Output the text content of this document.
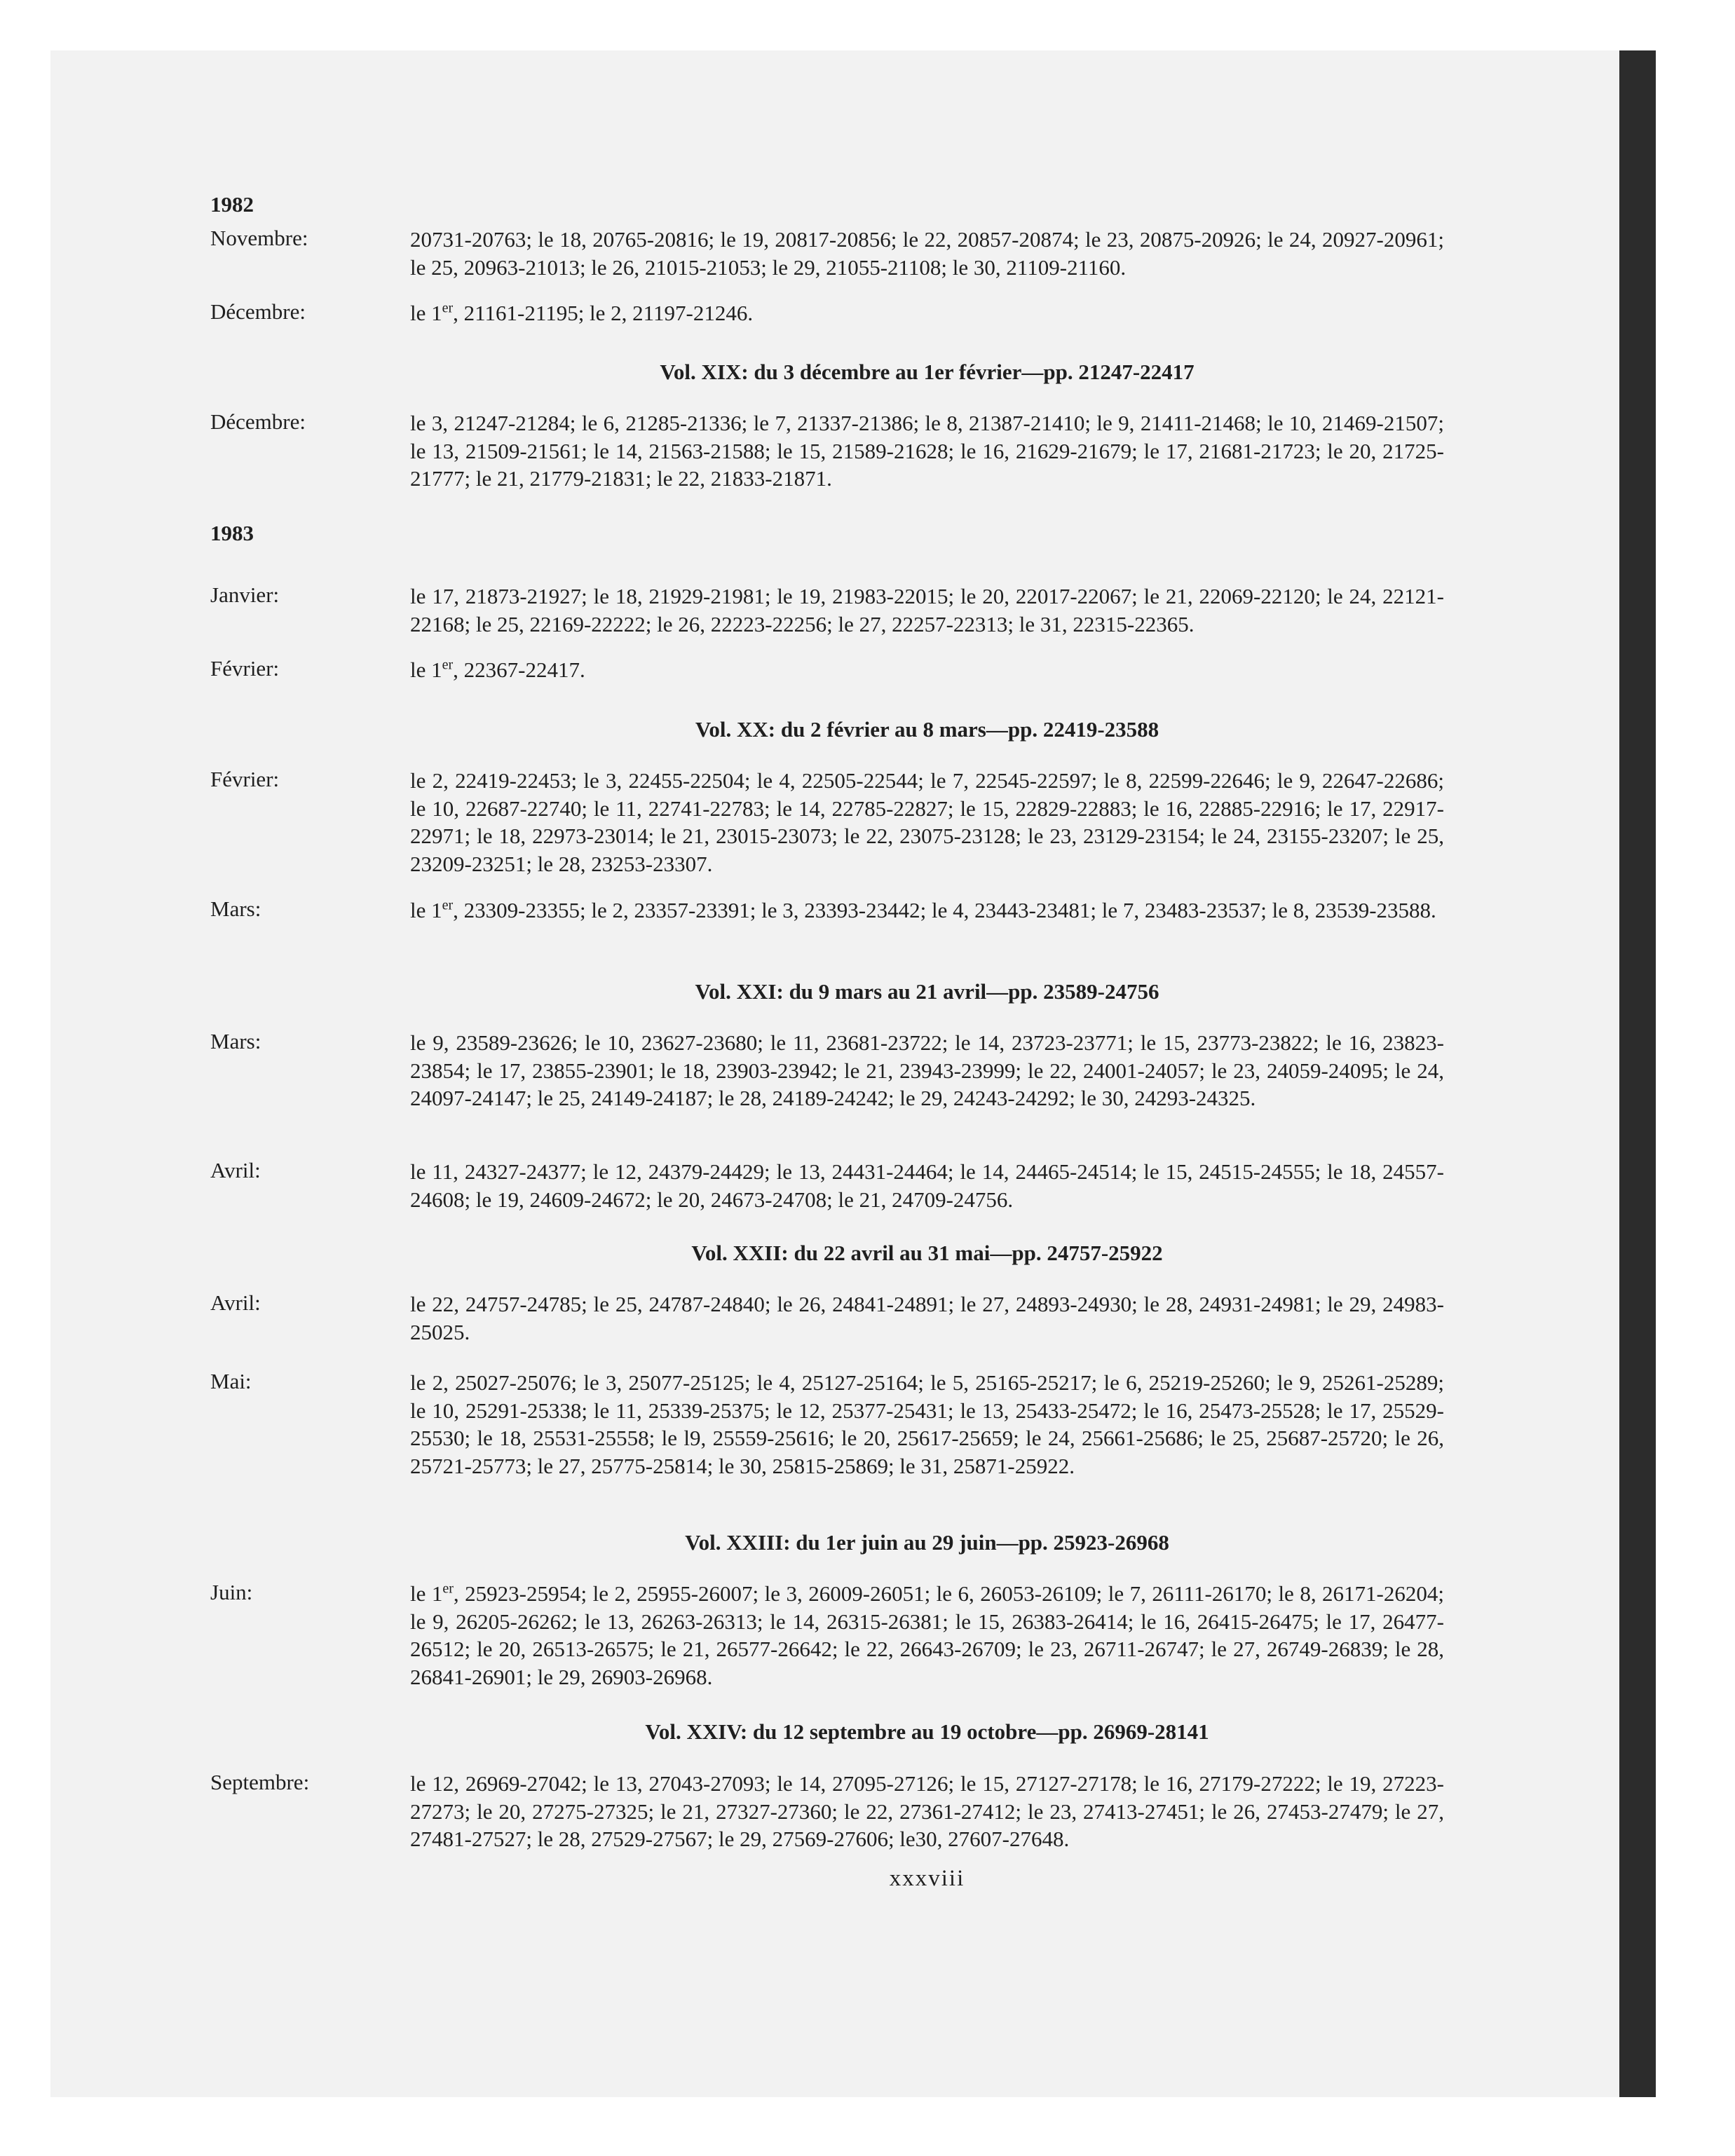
1982
Novembre:	20731-20763; le 18, 20765-20816; le 19, 20817-20856; le 22, 20857-20874; le 23, 20875-20926; le 24, 20927-20961; le 25, 20963-21013; le 26, 21015-21053; le 29, 21055-21108; le 30, 21109-21160.
Décembre:	le 1er, 21161-21195; le 2, 21197-21246.
Vol. XIX: du 3 décembre au 1er février—pp. 21247-22417
Décembre:	le 3, 21247-21284; le 6, 21285-21336; le 7, 21337-21386; le 8, 21387-21410; le 9, 21411-21468; le 10, 21469-21507; le 13, 21509-21561; le 14, 21563-21588; le 15, 21589-21628; le 16, 21629-21679; le 17, 21681-21723; le 20, 21725-21777; le 21, 21779-21831; le 22, 21833-21871.
1983
Janvier:	le 17, 21873-21927; le 18, 21929-21981; le 19, 21983-22015; le 20, 22017-22067; le 21, 22069-22120; le 24, 22121-22168; le 25, 22169-22222; le 26, 22223-22256; le 27, 22257-22313; le 31, 22315-22365.
Février:	le 1er, 22367-22417.
Vol. XX: du 2 février au 8 mars—pp. 22419-23588
Février:	le 2, 22419-22453; le 3, 22455-22504; le 4, 22505-22544; le 7, 22545-22597; le 8, 22599-22646; le 9, 22647-22686; le 10, 22687-22740; le 11, 22741-22783; le 14, 22785-22827; le 15, 22829-22883; le 16, 22885-22916; le 17, 22917-22971; le 18, 22973-23014; le 21, 23015-23073; le 22, 23075-23128; le 23, 23129-23154; le 24, 23155-23207; le 25, 23209-23251; le 28, 23253-23307.
Mars:	le 1er, 23309-23355; le 2, 23357-23391; le 3, 23393-23442; le 4, 23443-23481; le 7, 23483-23537; le 8, 23539-23588.
Vol. XXI: du 9 mars au 21 avril—pp. 23589-24756
Mars:	le 9, 23589-23626; le 10, 23627-23680; le 11, 23681-23722; le 14, 23723-23771; le 15, 23773-23822; le 16, 23823-23854; le 17, 23855-23901; le 18, 23903-23942; le 21, 23943-23999; le 22, 24001-24057; le 23, 24059-24095; le 24, 24097-24147; le 25, 24149-24187; le 28, 24189-24242; le 29, 24243-24292; le 30, 24293-24325.
Avril:	le 11, 24327-24377; le 12, 24379-24429; le 13, 24431-24464; le 14, 24465-24514; le 15, 24515-24555; le 18, 24557-24608; le 19, 24609-24672; le 20, 24673-24708; le 21, 24709-24756.
Vol. XXII: du 22 avril au 31 mai—pp. 24757-25922
Avril:	le 22, 24757-24785; le 25, 24787-24840; le 26, 24841-24891; le 27, 24893-24930; le 28, 24931-24981; le 29, 24983-25025.
Mai:	le 2, 25027-25076; le 3, 25077-25125; le 4, 25127-25164; le 5, 25165-25217; le 6, 25219-25260; le 9, 25261-25289; le 10, 25291-25338; le 11, 25339-25375; le 12, 25377-25431; le 13, 25433-25472; le 16, 25473-25528; le 17, 25529-25530; le 18, 25531-25558; le l9, 25559-25616; le 20, 25617-25659; le 24, 25661-25686; le 25, 25687-25720; le 26, 25721-25773; le 27, 25775-25814; le 30, 25815-25869; le 31, 25871-25922.
Vol. XXIII: du 1er juin au 29 juin—pp. 25923-26968
Juin:	le 1er, 25923-25954; le 2, 25955-26007; le 3, 26009-26051; le 6, 26053-26109; le 7, 26111-26170; le 8, 26171-26204; le 9, 26205-26262; le 13, 26263-26313; le 14, 26315-26381; le 15, 26383-26414; le 16, 26415-26475; le 17, 26477-26512; le 20, 26513-26575; le 21, 26577-26642; le 22, 26643-26709; le 23, 26711-26747; le 27, 26749-26839; le 28, 26841-26901; le 29, 26903-26968.
Vol. XXIV: du 12 septembre au 19 octobre—pp. 26969-28141
Septembre:	le 12, 26969-27042; le 13, 27043-27093; le 14, 27095-27126; le 15, 27127-27178; le 16, 27179-27222; le 19, 27223-27273; le 20, 27275-27325; le 21, 27327-27360; le 22, 27361-27412; le 23, 27413-27451; le 26, 27453-27479; le 27, 27481-27527; le 28, 27529-27567; le 29, 27569-27606; le30, 27607-27648.
xxxviii
